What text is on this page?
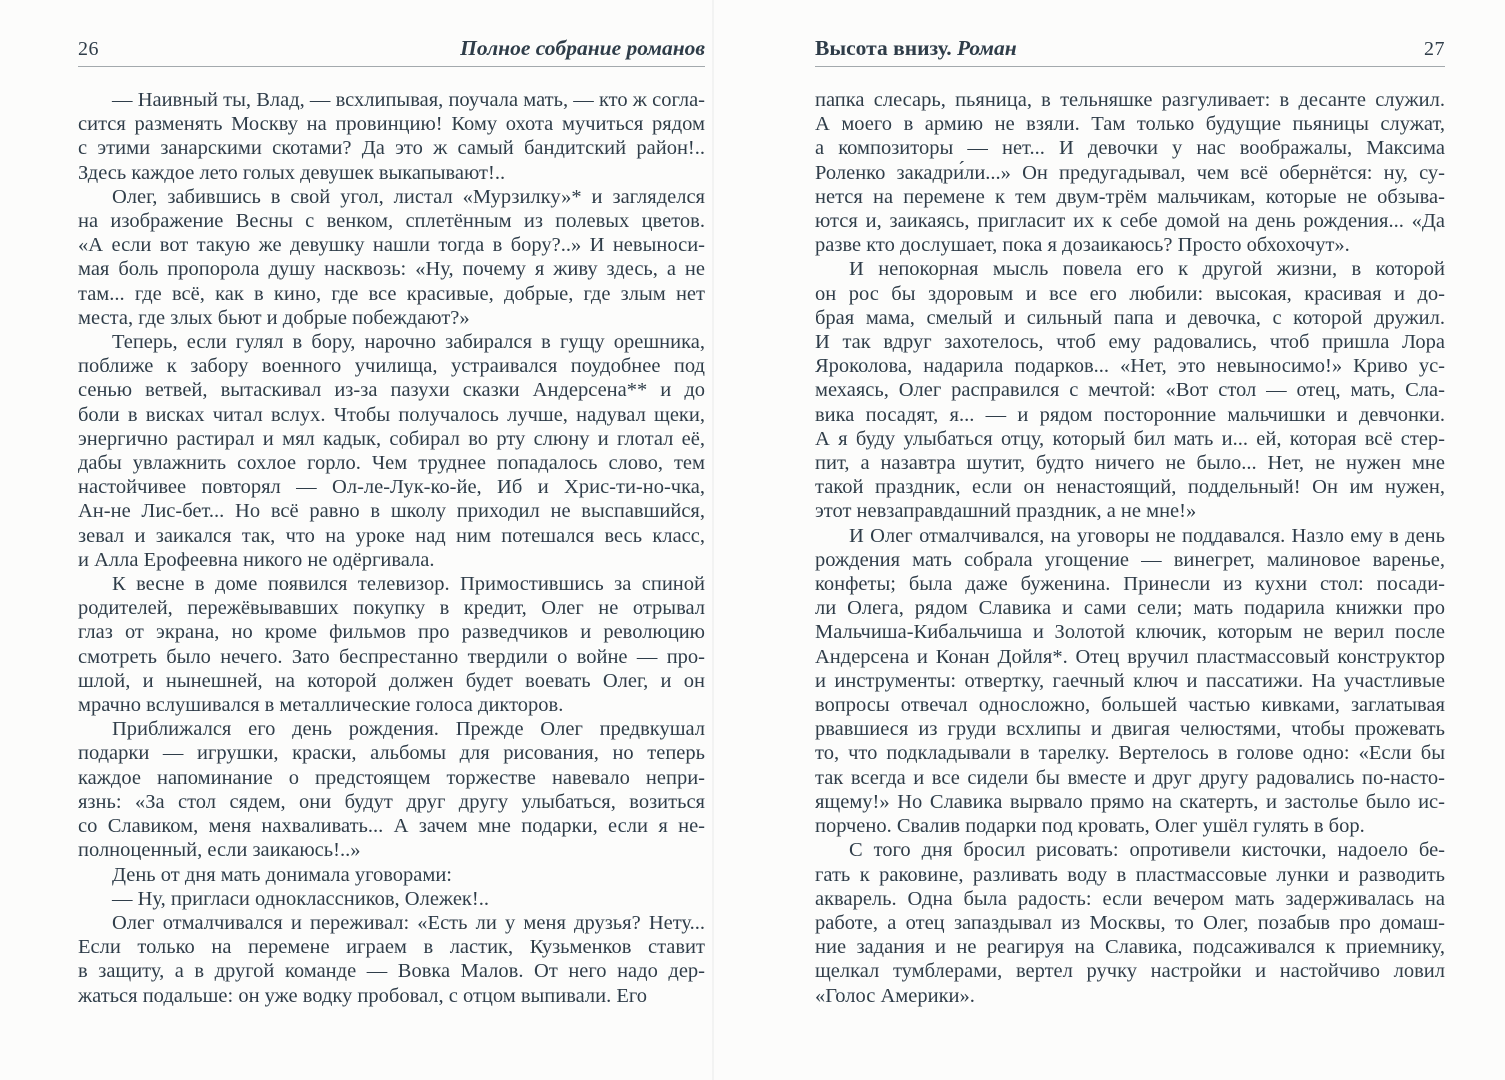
26	Полное собрание романов
— Наивный ты, Влад, — всхлипывая, поучала мать, — кто ж согла-
сится разменять Москву на провинцию! Кому охота мучиться рядом
с этими занарскими скотами? Да это ж самый бандитский район!..
Здесь каждое лето голых девушек выкапывают!..
Олег, забившись в свой угол, листал «Мурзилку»* и загляделся
на изображение Весны с венком, сплетённым из полевых цветов.
«А если вот такую же девушку нашли тогда в бору?..» И невыноси-
мая боль пропорола душу насквозь: «Ну, почему я живу здесь, а не
там... где всё, как в кино, где все красивые, добрые, где злым нет
места, где злых бьют и добрые побеждают?»
Теперь, если гулял в бору, нарочно забирался в гущу орешника,
поближе к забору военного училища, устраивался поудобнее под
сенью ветвей, вытаскивал из-за пазухи сказки Андерсена** и до
боли в висках читал вслух. Чтобы получалось лучше, надувал щеки,
энергично растирал и мял кадык, собирал во рту слюну и глотал её,
дабы увлажнить сохлое горло. Чем труднее попадалось слово, тем
настойчивее повторял — Ол-ле-Лук-ко-йе, Иб и Хрис-ти-но-чка,
Ан-не Лис-бет... Но всё равно в школу приходил не выспавшийся,
зевал и заикался так, что на уроке над ним потешался весь класс,
и Алла Ерофеевна никого не одёргивала.
К весне в доме появился телевизор. Примостившись за спиной
родителей, пережёвывавших покупку в кредит, Олег не отрывал
глаз от экрана, но кроме фильмов про разведчиков и революцию
смотреть было нечего. Зато беспрестанно твердили о войне — про-
шлой, и нынешней, на которой должен будет воевать Олег, и он
мрачно вслушивался в металлические голоса дикторов.
Приближался его день рождения. Прежде Олег предвкушал
подарки — игрушки, краски, альбомы для рисования, но теперь
каждое напоминание о предстоящем торжестве навевало непри-
язнь: «За стол сядем, они будут друг другу улыбаться, возиться
со Славиком, меня нахваливать... А зачем мне подарки, если я не-
полноценный, если заикаюсь!..»
День от дня мать донимала уговорами:
— Ну, пригласи одноклассников, Олежек!..
Олег отмалчивался и переживал: «Есть ли у меня друзья? Нету...
Если только на перемене играем в ластик, Кузьменков ставит
в защиту, а в другой команде — Вовка Малов. От него надо дер-
жаться подальше: он уже водку пробовал, с отцом выпивали. Его
Высота внизу. Роман	27
папка слесарь, пьяница, в тельняшке разгуливает: в десанте служил.
А моего в армию не взяли. Там только будущие пьяницы служат,
а композиторы — нет... И девочки у нас воображалы, Максима
Роленко закадри́ли...» Он предугадывал, чем всё обернётся: ну, су-
нется на перемене к тем двум-трём мальчикам, которые не обзыва-
ются и, заикаясь, пригласит их к себе домой на день рождения... «Да
разве кто дослушает, пока я дозаикаюсь? Просто обхохочут».
И непокорная мысль повела его к другой жизни, в которой
он рос бы здоровым и все его любили: высокая, красивая и до-
брая мама, смелый и сильный папа и девочка, с которой дружил.
И так вдруг захотелось, чтоб ему радовались, чтоб пришла Лора
Яроколова, надарила подарков... «Нет, это невыносимо!» Криво ус-
мехаясь, Олег расправился с мечтой: «Вот стол — отец, мать, Сла-
вика посадят, я... — и рядом посторонние мальчишки и девчонки.
А я буду улыбаться отцу, который бил мать и... ей, которая всё стер-
пит, а назавтра шутит, будто ничего не было... Нет, не нужен мне
такой праздник, если он ненастоящий, поддельный! Он им нужен,
этот невзаправдашний праздник, а не мне!»
И Олег отмалчивался, на уговоры не поддавался. Назло ему в день
рождения мать собрала угощение — винегрет, малиновое варенье,
конфеты; была даже буженина. Принесли из кухни стол: посади-
ли Олега, рядом Славика и сами сели; мать подарила книжки про
Мальчиша-Кибальчиша и Золотой ключик, которым не верил после
Андерсена и Конан Дойля*. Отец вручил пластмассовый конструктор
и инструменты: отвертку, гаечный ключ и пассатижи. На участливые
вопросы отвечал односложно, большей частью кивками, заглатывая
рвавшиеся из груди всхлипы и двигая челюстями, чтобы прожевать
то, что подкладывали в тарелку. Вертелось в голове одно: «Если бы
так всегда и все сидели бы вместе и друг другу радовались по-насто-
ящему!» Но Славика вырвало прямо на скатерть, и застолье было ис-
порчено. Свалив подарки под кровать, Олег ушёл гулять в бор.
С того дня бросил рисовать: опротивели кисточки, надоело бе-
гать к раковине, разливать воду в пластмассовые лунки и разводить
акварель. Одна была радость: если вечером мать задерживалась на
работе, а отец запаздывал из Москвы, то Олег, позабыв про домаш-
ние задания и не реагируя на Славика, подсаживался к приемнику,
щелкал тумблерами, вертел ручку настройки и настойчиво ловил
«Голос Америки».
